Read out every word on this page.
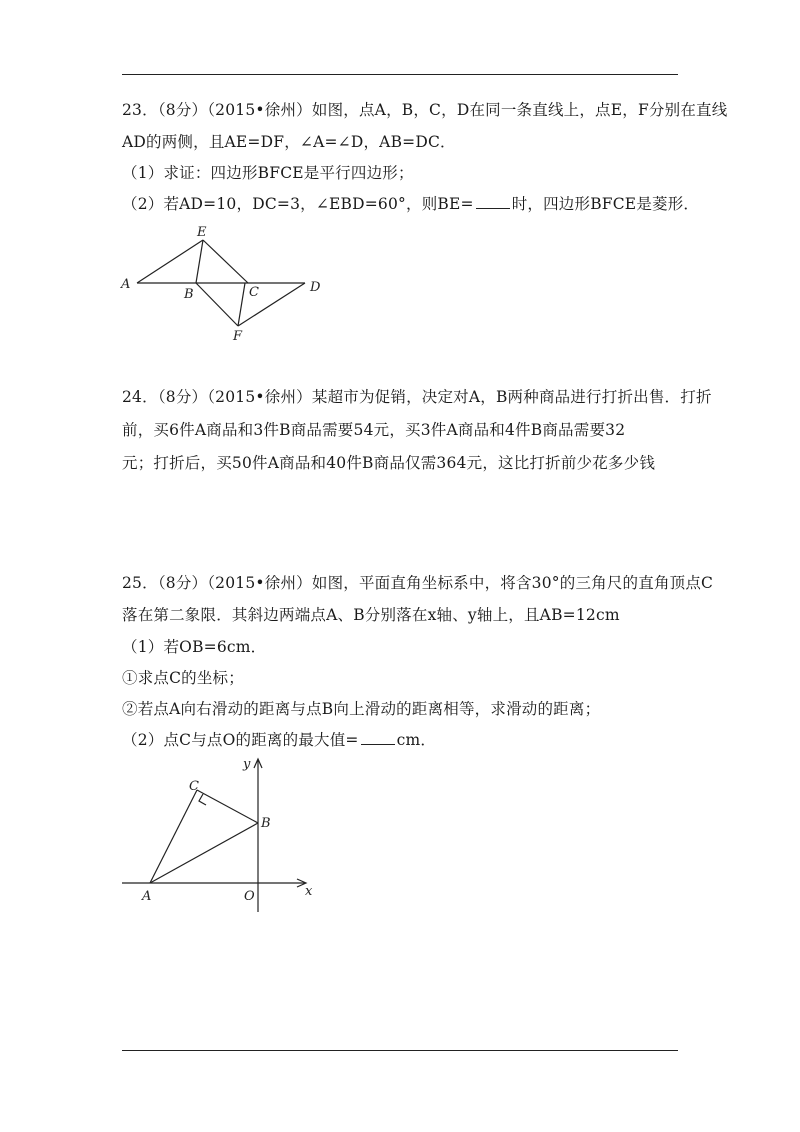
23．（8分）（2015•徐州）如图，点A，B，C，D在同一条直线上，点E，F分别在直线
AD的两侧，且AE=DF，∠A=∠D，AB=DC．
（1）求证：四边形BFCE是平行四边形；
（2）若AD=10，DC=3，∠EBD=60°，则BE= 时，四边形BFCE是菱形．
A
B	C	D
E
F
24．（8分）（2015•徐州）某超市为促销，决定对A，B两种商品进行打折出售．打折
前，买6件A商品和3件B商品需要54元，买3件A商品和4件B商品需要32
元；打折后，买50件A商品和40件B商品仅需364元，这比打折前少花多少钱
25．（8分）（2015•徐州）如图，平面直角坐标系中，将含30°的三角尺的直角顶点C
落在第二象限．其斜边两端点A、B分别落在x轴、y轴上，且AB=12cm
（1）若OB=6cm．
①求点C的坐标；
②若点A向右滑动的距离与点B向上滑动的距离相等，求滑动的距离；
（2）点C与点O的距离的最大值= cm．
A
B
C
O	x
y
